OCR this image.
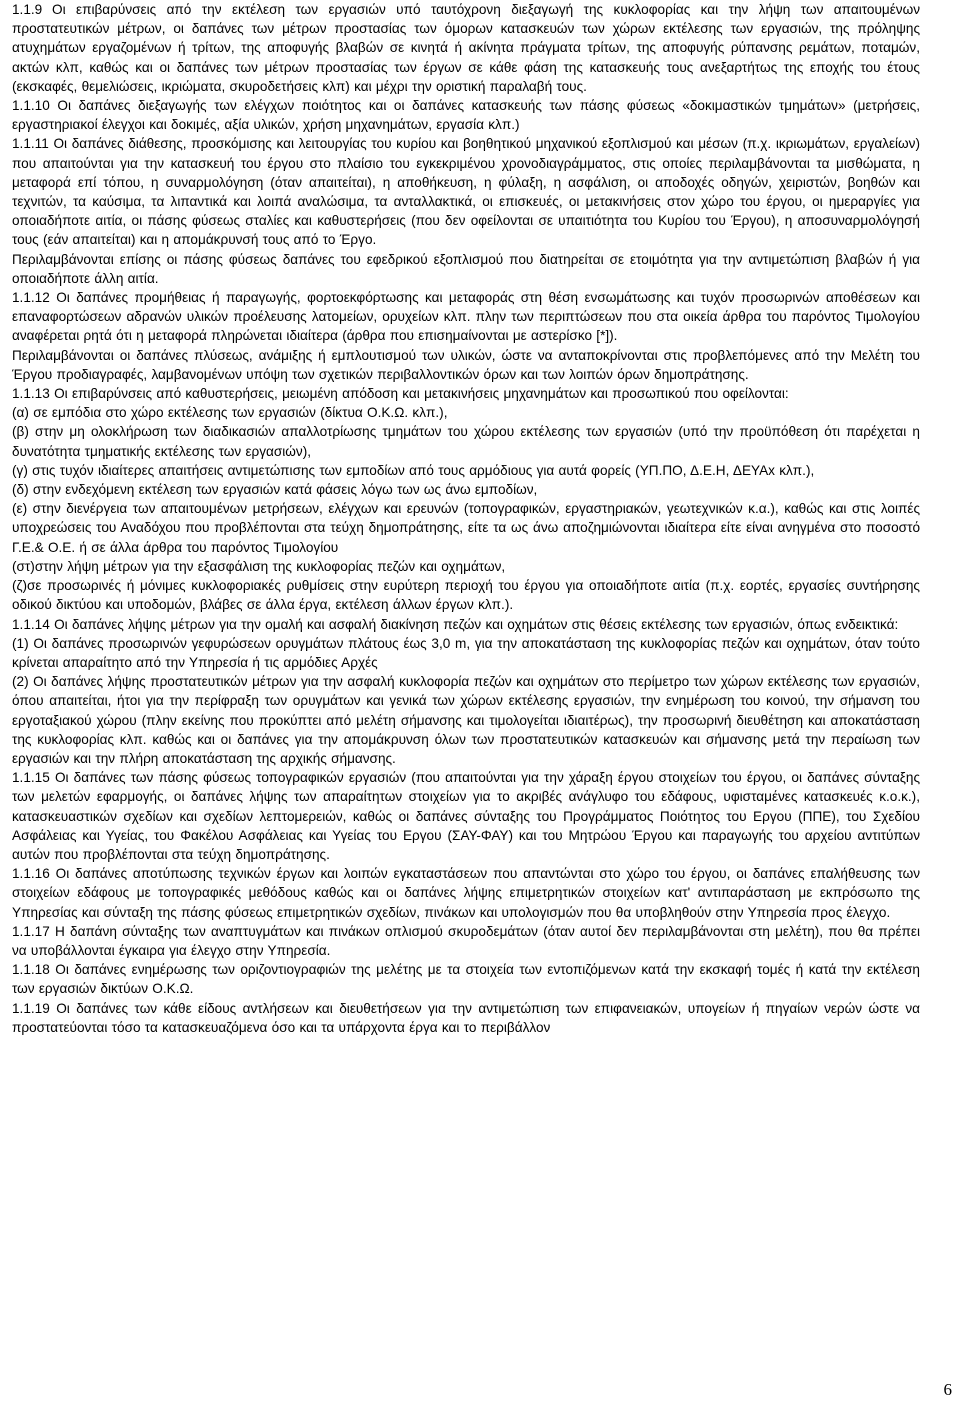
1.1.9 Οι επιβαρύνσεις από την εκτέλεση των εργασιών υπό ταυτόχρονη διεξαγωγή της κυκλοφορίας και την λήψη των απαιτουμένων προστατευτικών μέτρων, οι δαπάνες των μέτρων προστασίας των όμορων κατασκευών των χώρων εκτέλεσης των εργασιών, της πρόληψης ατυχημάτων εργαζομένων ή τρίτων, της αποφυγής βλαβών σε κινητά ή ακίνητα πράγματα τρίτων, της αποφυγής ρύπανσης ρεμάτων, ποταμών, ακτών κλπ, καθώς και οι δαπάνες των μέτρων προστασίας των έργων σε κάθε φάση της κατασκευής τους ανεξαρτήτως της εποχής του έτους (εκσκαφές, θεμελιώσεις, ικριώματα, σκυροδετήσεις κλπ) και μέχρι την οριστική παραλαβή τους.

1.1.10 Οι δαπάνες διεξαγωγής των ελέγχων ποιότητος και οι δαπάνες κατασκευής των πάσης φύσεως «δοκιμαστικών τμημάτων» (μετρήσεις, εργαστηριακοί έλεγχοι και δοκιμές, αξία υλικών, χρήση μηχανημάτων, εργασία κλπ.)

1.1.11 Οι δαπάνες διάθεσης, προσκόμισης και λειτουργίας του κυρίου και βοηθητικού μηχανικού εξοπλισμού και μέσων (π.χ. ικριωμάτων, εργαλείων) που απαιτούνται για την κατασκευή του έργου στο πλαίσιο του εγκεκριμένου χρονοδιαγράμματος, στις οποίες περιλαμβάνονται τα μισθώματα, η μεταφορά επί τόπου, η συναρμολόγηση (όταν απαιτείται), η αποθήκευση, η φύλαξη, η ασφάλιση, οι αποδοχές οδηγών, χειριστών, βοηθών και τεχνιτών, τα καύσιμα, τα λιπαντικά και λοιπά αναλώσιμα, τα ανταλλακτικά, οι επισκευές, οι μετακινήσεις στον χώρο του έργου, οι ημεραργίες για οποιαδήποτε αιτία, οι πάσης φύσεως σταλίες και καθυστερήσεις (που δεν οφείλονται σε υπαιτιότητα του Κυρίου του Έργου), η αποσυναρμολόγησή τους (εάν απαιτείται) και η απομάκρυνσή τους από το Έργο.

Περιλαμβάνονται επίσης οι πάσης φύσεως δαπάνες του εφεδρικού εξοπλισμού που διατηρείται σε ετοιμότητα για την αντιμετώπιση βλαβών ή για οποιαδήποτε άλλη αιτία.

1.1.12 Οι δαπάνες προμήθειας ή παραγωγής, φορτοεκφόρτωσης και μεταφοράς στη θέση ενσωμάτωσης και τυχόν προσωρινών αποθέσεων και επαναφορτώσεων αδρανών υλικών προέλευσης λατομείων, ορυχείων κλπ. πλην των περιπτώσεων που στα οικεία άρθρα του παρόντος Τιμολογίου αναφέρεται ρητά ότι η μεταφορά πληρώνεται ιδιαίτερα (άρθρα που επισημαίνονται με αστερίσκο [*]).

Περιλαμβάνονται οι δαπάνες πλύσεως, ανάμιξης ή εμπλουτισμού των υλικών, ώστε να ανταποκρίνονται στις προβλεπόμενες από την Μελέτη του Έργου προδιαγραφές, λαμβανομένων υπόψη των σχετικών περιβαλλοντικών όρων και των λοιπών όρων δημοπράτησης.

1.1.13 Οι επιβαρύνσεις από καθυστερήσεις, μειωμένη απόδοση και μετακινήσεις μηχανημάτων και προσωπικού που οφείλονται:

(α) σε εμπόδια στο χώρο εκτέλεσης των εργασιών (δίκτυα Ο.Κ.Ω. κλπ.),

(β) στην μη ολοκλήρωση των διαδικασιών απαλλοτρίωσης τμημάτων του χώρου εκτέλεσης των εργασιών (υπό την προϋπόθεση ότι παρέχεται η δυνατότητα τμηματικής εκτέλεσης των εργασιών),

(γ) στις τυχόν ιδιαίτερες απαιτήσεις αντιμετώπισης των εμποδίων από τους αρμόδιους για αυτά φορείς (ΥΠ.ΠΟ, Δ.Ε.Η, ΔΕΥΑx κλπ.),

(δ) στην ενδεχόμενη εκτέλεση των εργασιών κατά φάσεις λόγω των ως άνω εμποδίων,

(ε) στην διενέργεια των απαιτουμένων μετρήσεων, ελέγχων και ερευνών (τοπογραφικών, εργαστηριακών, γεωτεχνικών κ.α.), καθώς και στις λοιπές υποχρεώσεις του Αναδόχου που προβλέπονται στα τεύχη δημοπράτησης, είτε τα ως άνω αποζημιώνονται ιδιαίτερα είτε είναι ανηγμένα στο ποσοστό Γ.Ε.& Ο.Ε. ή σε άλλα άρθρα του παρόντος Τιμολογίου

(στ)στην λήψη μέτρων για την εξασφάλιση της κυκλοφορίας πεζών και οχημάτων,

(ζ)σε προσωρινές ή μόνιμες κυκλοφοριακές ρυθμίσεις στην ευρύτερη περιοχή του έργου για οποιαδήποτε αιτία (π.χ. εορτές, εργασίες συντήρησης οδικού δικτύου και υποδομών, βλάβες σε άλλα έργα, εκτέλεση άλλων έργων κλπ.).

1.1.14 Οι δαπάνες λήψης μέτρων για την ομαλή και ασφαλή διακίνηση πεζών και οχημάτων στις θέσεις εκτέλεσης των εργασιών, όπως ενδεικτικά:

(1) Οι δαπάνες προσωρινών γεφυρώσεων ορυγμάτων πλάτους έως 3,0 m, για την αποκατάσταση της κυκλοφορίας πεζών και οχημάτων, όταν τούτο κρίνεται απαραίτητο από την Υπηρεσία ή τις αρμόδιες Αρχές

(2) Οι δαπάνες λήψης προστατευτικών μέτρων για την ασφαλή κυκλοφορία πεζών και οχημάτων στο περίμετρο των χώρων εκτέλεσης των εργασιών, όπου απαιτείται, ήτοι για την περίφραξη των ορυγμάτων και γενικά των χώρων εκτέλεσης εργασιών, την ενημέρωση του κοινού, την σήμανση του εργοταξιακού χώρου (πλην εκείνης που προκύπτει από μελέτη σήμανσης και τιμολογείται ιδιαιτέρως), την προσωρινή διευθέτηση και αποκατάσταση της κυκλοφορίας κλπ. καθώς και οι δαπάνες για την απομάκρυνση όλων των προστατευτικών κατασκευών και σήμανσης μετά την περαίωση των εργασιών και την πλήρη αποκατάσταση της αρχικής σήμανσης.

1.1.15 Οι δαπάνες των πάσης φύσεως τοπογραφικών εργασιών (που απαιτούνται για την χάραξη έργου στοιχείων του έργου, οι δαπάνες σύνταξης των μελετών εφαρμογής, οι δαπάνες λήψης των απαραίτητων στοιχείων για το ακριβές ανάγλυφο του εδάφους, υφισταμένες κατασκευές κ.ο.κ.), κατασκευαστικών σχεδίων και σχεδίων λεπτομερειών, καθώς οι δαπάνες σύνταξης του Προγράμματος Ποιότητος του Εργου (ΠΠΕ), του Σχεδίου Ασφάλειας και Υγείας, του Φακέλου Ασφάλειας και Υγείας του Εργου (ΣΑΥ-ΦΑΥ) και του Μητρώου Έργου και παραγωγής του αρχείου αντιτύπων αυτών που προβλέπονται στα τεύχη δημοπράτησης.

1.1.16 Οι δαπάνες αποτύπωσης τεχνικών έργων και λοιπών εγκαταστάσεων που απαντώνται στο χώρο του έργου, οι δαπάνες επαλήθευσης των στοιχείων εδάφους με τοπογραφικές μεθόδους καθώς και οι δαπάνες λήψης επιμετρητικών στοιχείων κατ' αντιπαράσταση με εκπρόσωπο της Υπηρεσίας και σύνταξη της πάσης φύσεως επιμετρητικών σχεδίων, πινάκων και υπολογισμών που θα υποβληθούν στην Υπηρεσία προς έλεγχο.

1.1.17 Η δαπάνη σύνταξης των αναπτυγμάτων και πινάκων οπλισμού σκυροδεμάτων (όταν αυτοί δεν περιλαμβάνονται στη μελέτη), που θα πρέπει να υποβάλλονται έγκαιρα για έλεγχο στην Υπηρεσία.

1.1.18 Οι δαπάνες ενημέρωσης των οριζοντιογραφιών της μελέτης με τα στοιχεία των εντοπιζόμενων κατά την εκσκαφή τομές ή κατά την εκτέλεση των εργασιών δικτύων Ο.Κ.Ω.

1.1.19 Οι δαπάνες των κάθε είδους αντλήσεων και διευθετήσεων για την αντιμετώπιση των επιφανειακών, υπογείων ή πηγαίων νερών ώστε να προστατεύονται τόσο τα κατασκευαζόμενα όσο και τα υπάρχοντα έργα και το περιβάλλον

6
